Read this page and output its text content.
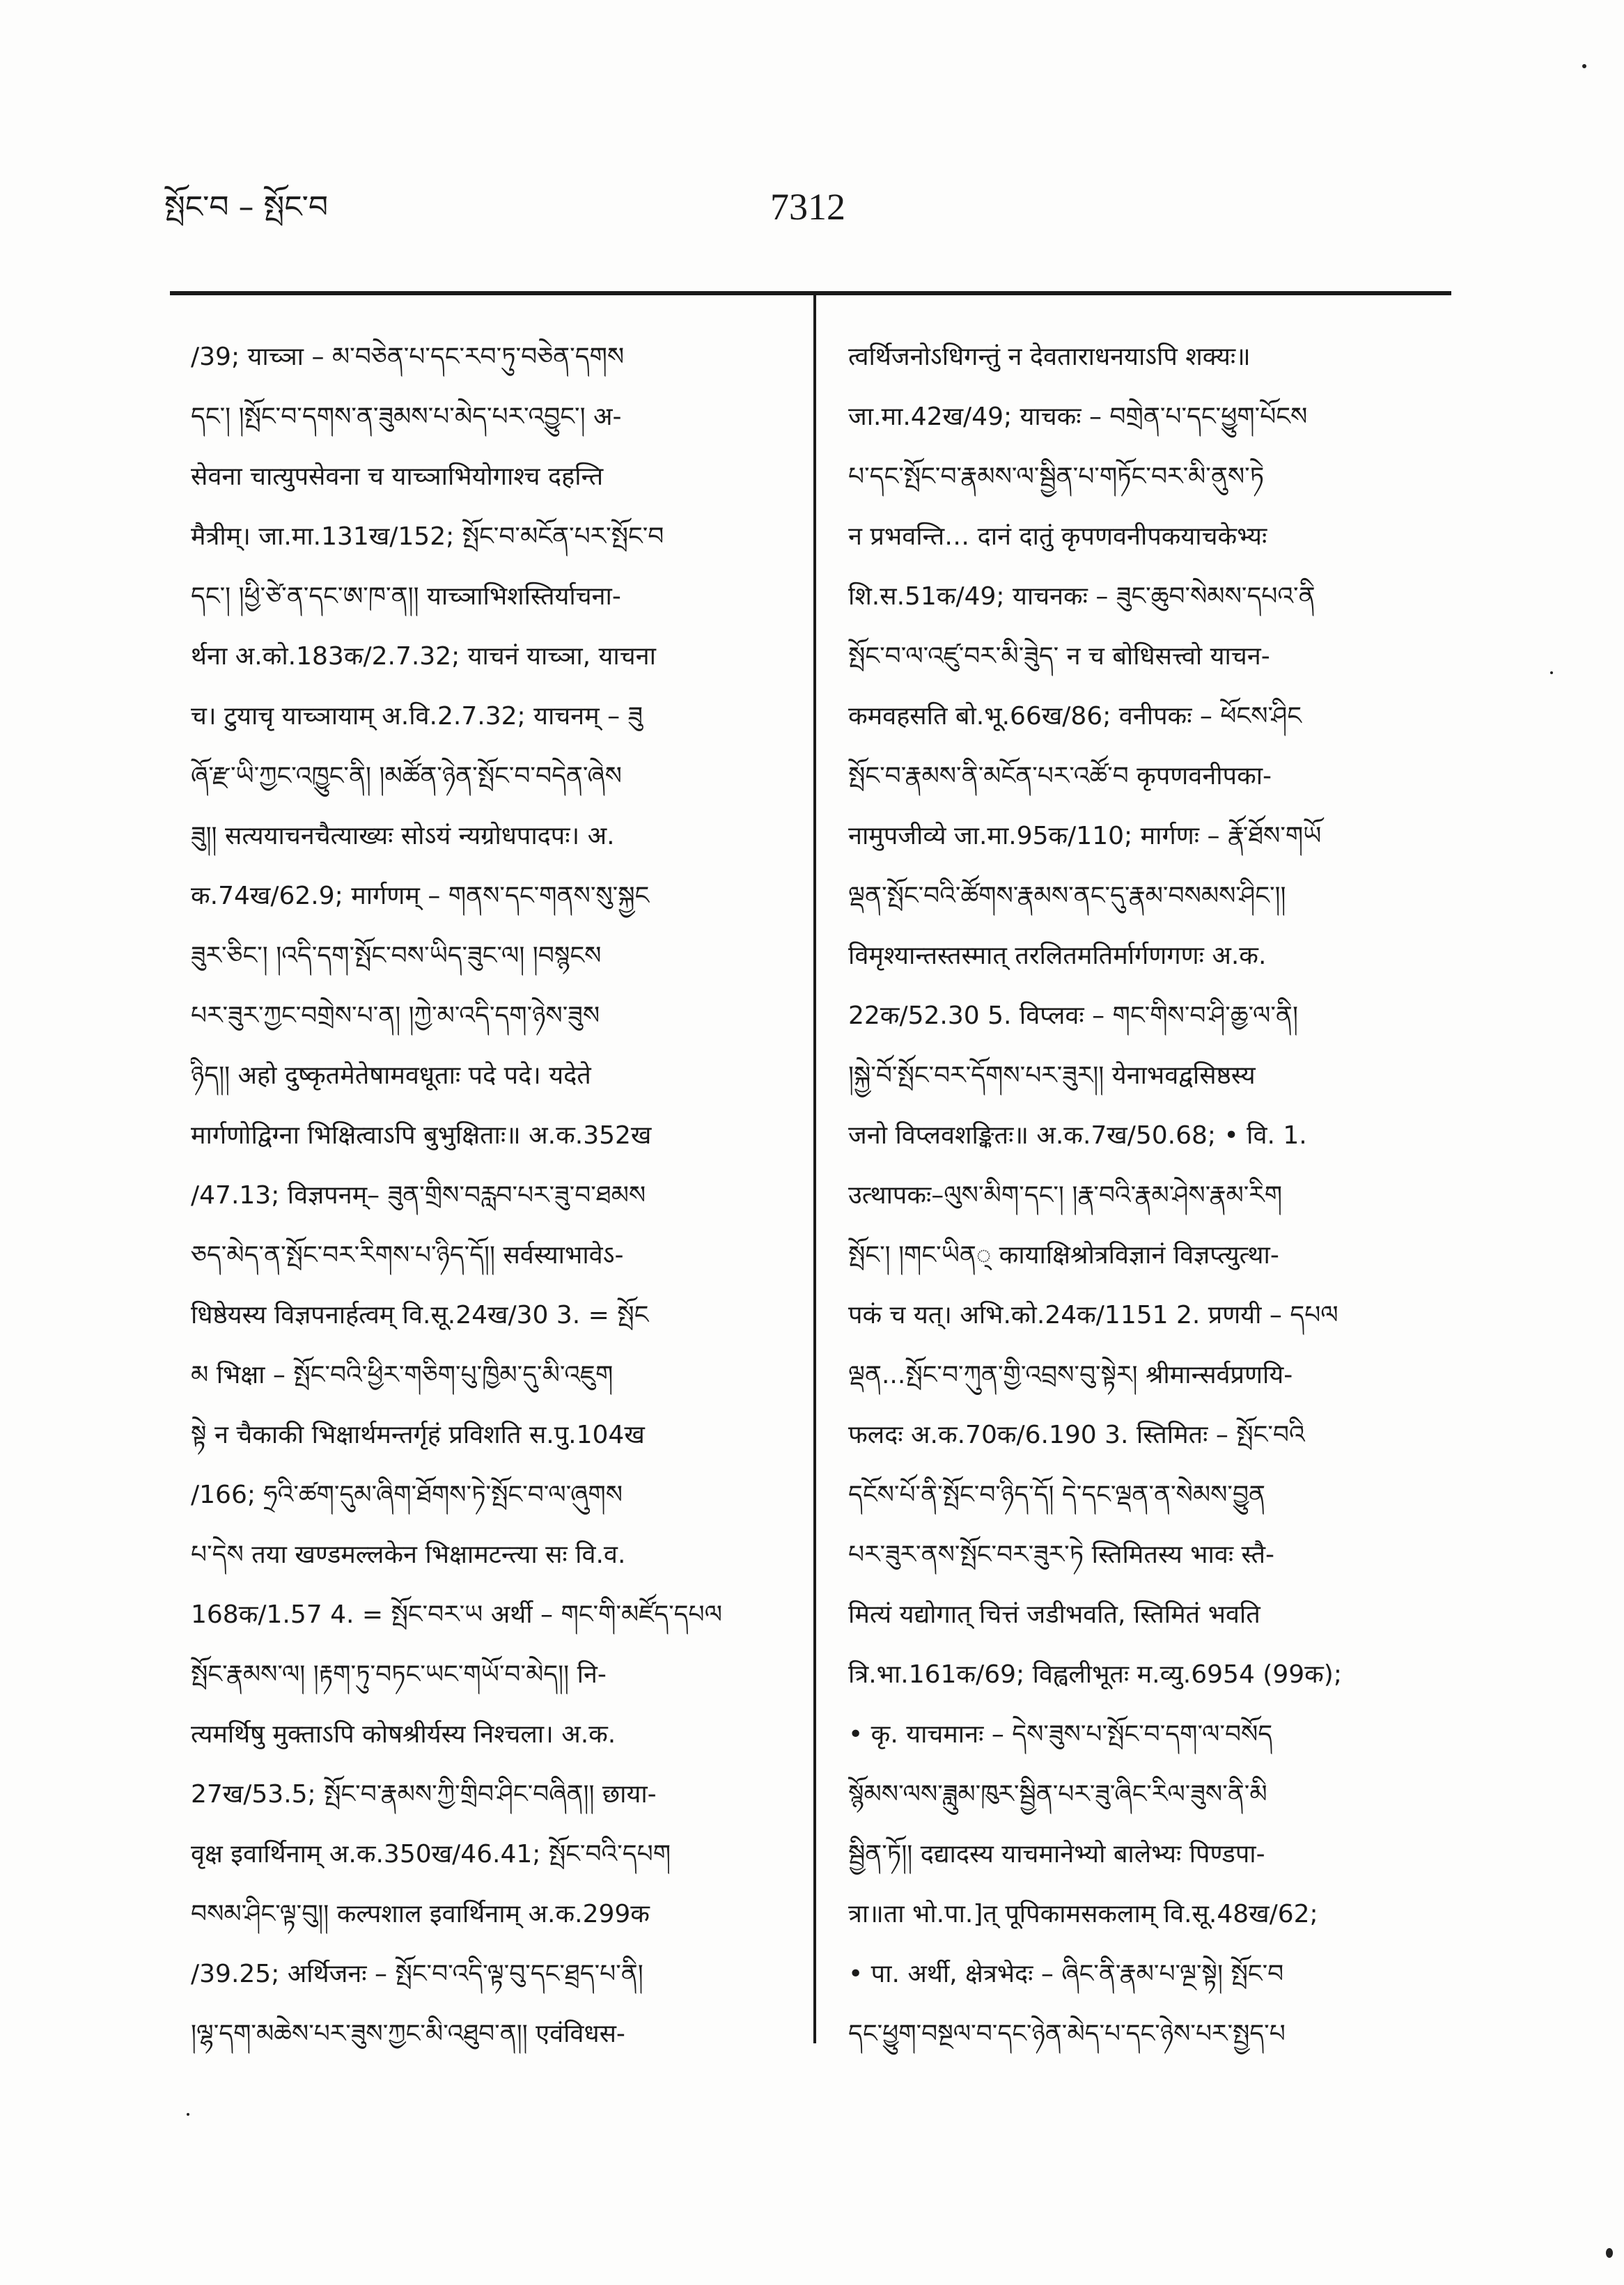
སྤོང་བ – སྤོང་བ	7312
/39; याच्ञा – མ་བཅེན་པ་དང་རབ་ཏུ་བཅེན་དགས
དང་། །སྤོང་བ་དགས་ན་ཟུམས་པ་མེད་པར་འབྱུང་། अ-
सेवना चात्युपसेवना च याच्ञाभियोगाश्च दहन्ति
मैत्रीम्। जा.मा.131ख/152; སྤོང་བ་མངོན་པར་སྤོང་བ
དང་། །ཕྱི་ཙེ་ན་དང་ཨ་ཁ་ན།། याच्ञाभिशस्तिर्याचना-
र्थना अ.को.183क/2.7.32; याचनं याच्ञा, याचना
च। टुयाचृ याच्ञायाम् अ.वि.2.7.32; याचनम् – ཟུ
ཞོ་རྫ་ཡི་ཀྱང་འཁྱུང་ནི། །མཚོན་ཉེན་སྤོང་བ་བདེན་ཞེས
ཟུ།། सत्ययाचनचैत्याख्यः सोऽयं न्यग्रोधपादपः। अ.
क.74ख/62.9; मार्गणम् – གནས་དང་གནས་སུ་སྐྱང
ཟུར་ཅིང་། །འདི་དག་སྤོང་བས་ཡིད་ཟུང་ལ། །བསྙངས
པར་ཟུར་ཀྱང་བགྲེས་པ་ན། །ཀྱེ་མ་འདི་དག་ཉེས་ཟུས
ཉིད།། अहो दुष्कृतमेतेषामवधूताः पदे पदे। यदेते
मार्गणोद्विग्ना भिक्षित्वाऽपि बुभुक्षिताः॥ अ.क.352ख
/47.13; विज्ञपनम्– ཟུན་གྲིས་བརླབ་པར་ཟུ་བ་ཐམས
ཅད་མེད་ན་སྤོང་བར་རིགས་པ་ཉིད་དོ།། सर्वस्याभावेऽ-
धिष्ठेयस्य विज्ञपनार्हत्वम् वि.सू.24ख/30 3. = སྤོང
མ भिक्षा – སྤོང་བའི་ཕྱིར་གཅིག་པུ་ཁྱིམ་དུ་མི་འཇུག
སྟེ न चैकाकी भिक्षार्थमन्तर्गृहं प्रविशति स.पु.104ख
/166; ཧྲའི་ཚག་དུམ་ཞིག་ཐོགས་ཏེ་སྤོང་བ་ལ་ཞུགས
པ་དེས तया खण्डमल्लकेन भिक्षामटन्त्या सः वि.व.
168क/1.57 4. = སྤོང་བར་ཡ अर्थी – གང་གི་མཛོད་དཔལ
སྤོང་རྣམས་ལ། །རྟག་ཏུ་བཏང་ཡང་གཡོ་བ་མེད།། नि-
त्यमर्थिषु मुक्ताऽपि कोषश्रीर्यस्य निश्चला। अ.क.
27ख/53.5; སྤོང་བ་རྣམས་ཀྱི་གྲིབ་ཤིང་བཞིན།། छाया-
वृक्ष इवार्थिनाम् अ.क.350ख/46.41; སྤོང་བའི་དཔག
བསམ་ཤིང་ལྟ་བུ།། कल्पशाल इवार्थिनाम् अ.क.299क
/39.25; अर्थिजनः – སྤོང་བ་འདི་ལྟ་བུ་དང་ཐྲད་པ་ནི།
།ལྷ་དག་མཆེས་པར་ཟུས་ཀྱང་མི་འཐུབ་ན།། एवंविधस-
त्वर्थिजनोऽधिगन्तुं न देवताराधनयाऽपि शक्यः॥
जा.मा.42ख/49; याचकः – བགྲེན་པ་དང་ཕྱུག་པོངས
པ་དང་སྤོང་བ་རྣམས་ལ་སྦྱིན་པ་གཏོང་བར་མི་ནུས་ཏེ
न प्रभवन्ति… दानं दातुं कृपणवनीपकयाचकेभ्यः
शि.स.51क/49; याचनकः – ཟུང་ཆུབ་སེམས་དཔའ་ནི
སྤོང་བ་ལ་འཛུ་བར་མི་ཟེུད་ न च बोधिसत्त्वो याचन-
कमवहसति बो.भू.66ख/86; वनीपकः – ཕོངས་ཤིང
སྤོང་བ་རྣམས་ནི་མངོན་པར་འཚོ་བ कृपणवनीपका-
नामुपजीव्ये जा.मा.95क/110; मार्गणः – རྣོ་ཐོས་གཡོ
ལྡན་སྤོང་བའི་ཚོགས་རྣམས་ནང་དུ་རྣམ་བསམས་ཤིང་།།
विमृश्यान्तस्तस्मात् तरलितमतिर्मार्गणगणः अ.क.
22क/52.30 5. विप्लवः – གང་གིས་བ་ཤི་ཆྱ་ལ་ནི།
།སྐྱེ་བོ་སྤོང་བར་དོགས་པར་ཟུར།། येनाभवद्वसिष्ठस्य
जनो विप्लवशङ्कितः॥ अ.क.7ख/50.68; • वि. 1.
उत्थापकः–ལུས་མིག་དང་། །རྣ་བའི་རྣམ་ཤེས་རྣམ་རིག
སྤོང་། །གང་ཡིན् कायाक्षिश्रोत्रविज्ञानं विज्ञप्त्युत्था-
पकं च यत्। अभि.को.24क/1151 2. प्रणयी – དཔལ
ལྡན...སྤོང་བ་ཀུན་གྱི་འབྲས་བུ་སྟེར། श्रीमान्सर्वप्रणयि-
फलदः अ.क.70क/6.190 3. स्तिमितः – སྤོང་བའི
དངོས་པོ་ནི་སྤོང་བ་ཉིད་དོ། དེ་དང་ལྡན་ན་སེམས་བྱུན
པར་ཟུར་ནས་སྤོང་བར་ཟུར་ཏེ स्तिमितस्य भावः स्तै-
मित्यं यद्योगात् चित्तं जडीभवति, स्तिमितं भवति
त्रि.भा.161क/69; विह्वलीभूतः म.व्यु.6954 (99क);
• कृ. याचमानः – དེས་ཟུས་པ་སྤོང་བ་དག་ལ་བསོད
སྙོམས་ལས་ཟླུམ་ཁུར་སྦྱིན་པར་ཟུ་ཞིང་རིལ་ཟུས་ནི་མི
སྦྱིན་ཏོ།། दद्यादस्य याचमानेभ्यो बालेभ्यः पिण्डपा-
त्रा॥ता भो.पा.]त् पूपिकामसकलाम् वि.सू.48ख/62;
• पा. अर्थी, क्षेत्रभेदः – ཞིང་ནི་རྣམ་པ་ལྔ་སྟེ། སྤོང་བ
དང་ཕྱུག་བསྔལ་བ་དང་ཉེན་མེད་པ་དང་ཉེས་པར་སྤྱད་པ
